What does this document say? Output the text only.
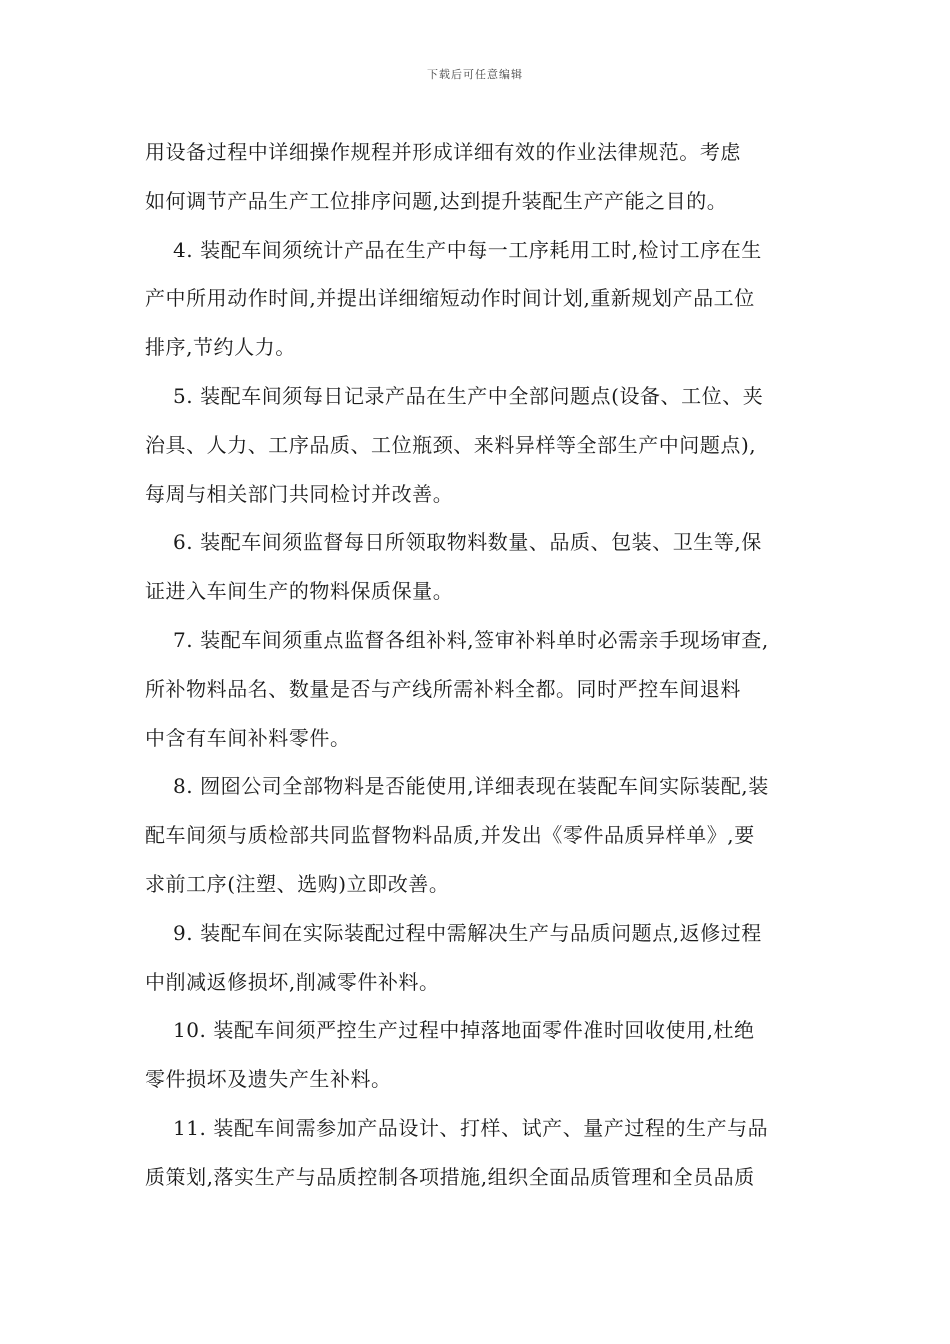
下载后可任意编辑
用设备过程中详细操作规程并形成详细有效的作业法律规范。考虑
如何调节产品生产工位排序问题,达到提升装配生产产能之目的。
4. 装配车间须统计产品在生产中每一工序耗用工时,检讨工序在生
产中所用动作时间,并提出详细缩短动作时间计划,重新规划产品工位
排序,节约人力。
5. 装配车间须每日记录产品在生产中全部问题点(设备、工位、夹
治具、人力、工序品质、工位瓶颈、来料异样等全部生产中问题点),
每周与相关部门共同检讨并改善。
6. 装配车间须监督每日所领取物料数量、品质、包装、卫生等,保
证进入车间生产的物料保质保量。
7. 装配车间须重点监督各组补料,签审补料单时必需亲手现场审查,
所补物料品名、数量是否与产线所需补料全都。同时严控车间退料
中含有车间补料零件。
8. 囫囵公司全部物料是否能使用,详细表现在装配车间实际装配,装
配车间须与质检部共同监督物料品质,并发出《零件品质异样单》,要
求前工序(注塑、选购)立即改善。
9. 装配车间在实际装配过程中需解决生产与品质问题点,返修过程
中削减返修损坏,削减零件补料。
10. 装配车间须严控生产过程中掉落地面零件准时回收使用,杜绝
零件损坏及遗失产生补料。
11. 装配车间需参加产品设计、打样、试产、量产过程的生产与品
质策划,落实生产与品质控制各项措施,组织全面品质管理和全员品质
